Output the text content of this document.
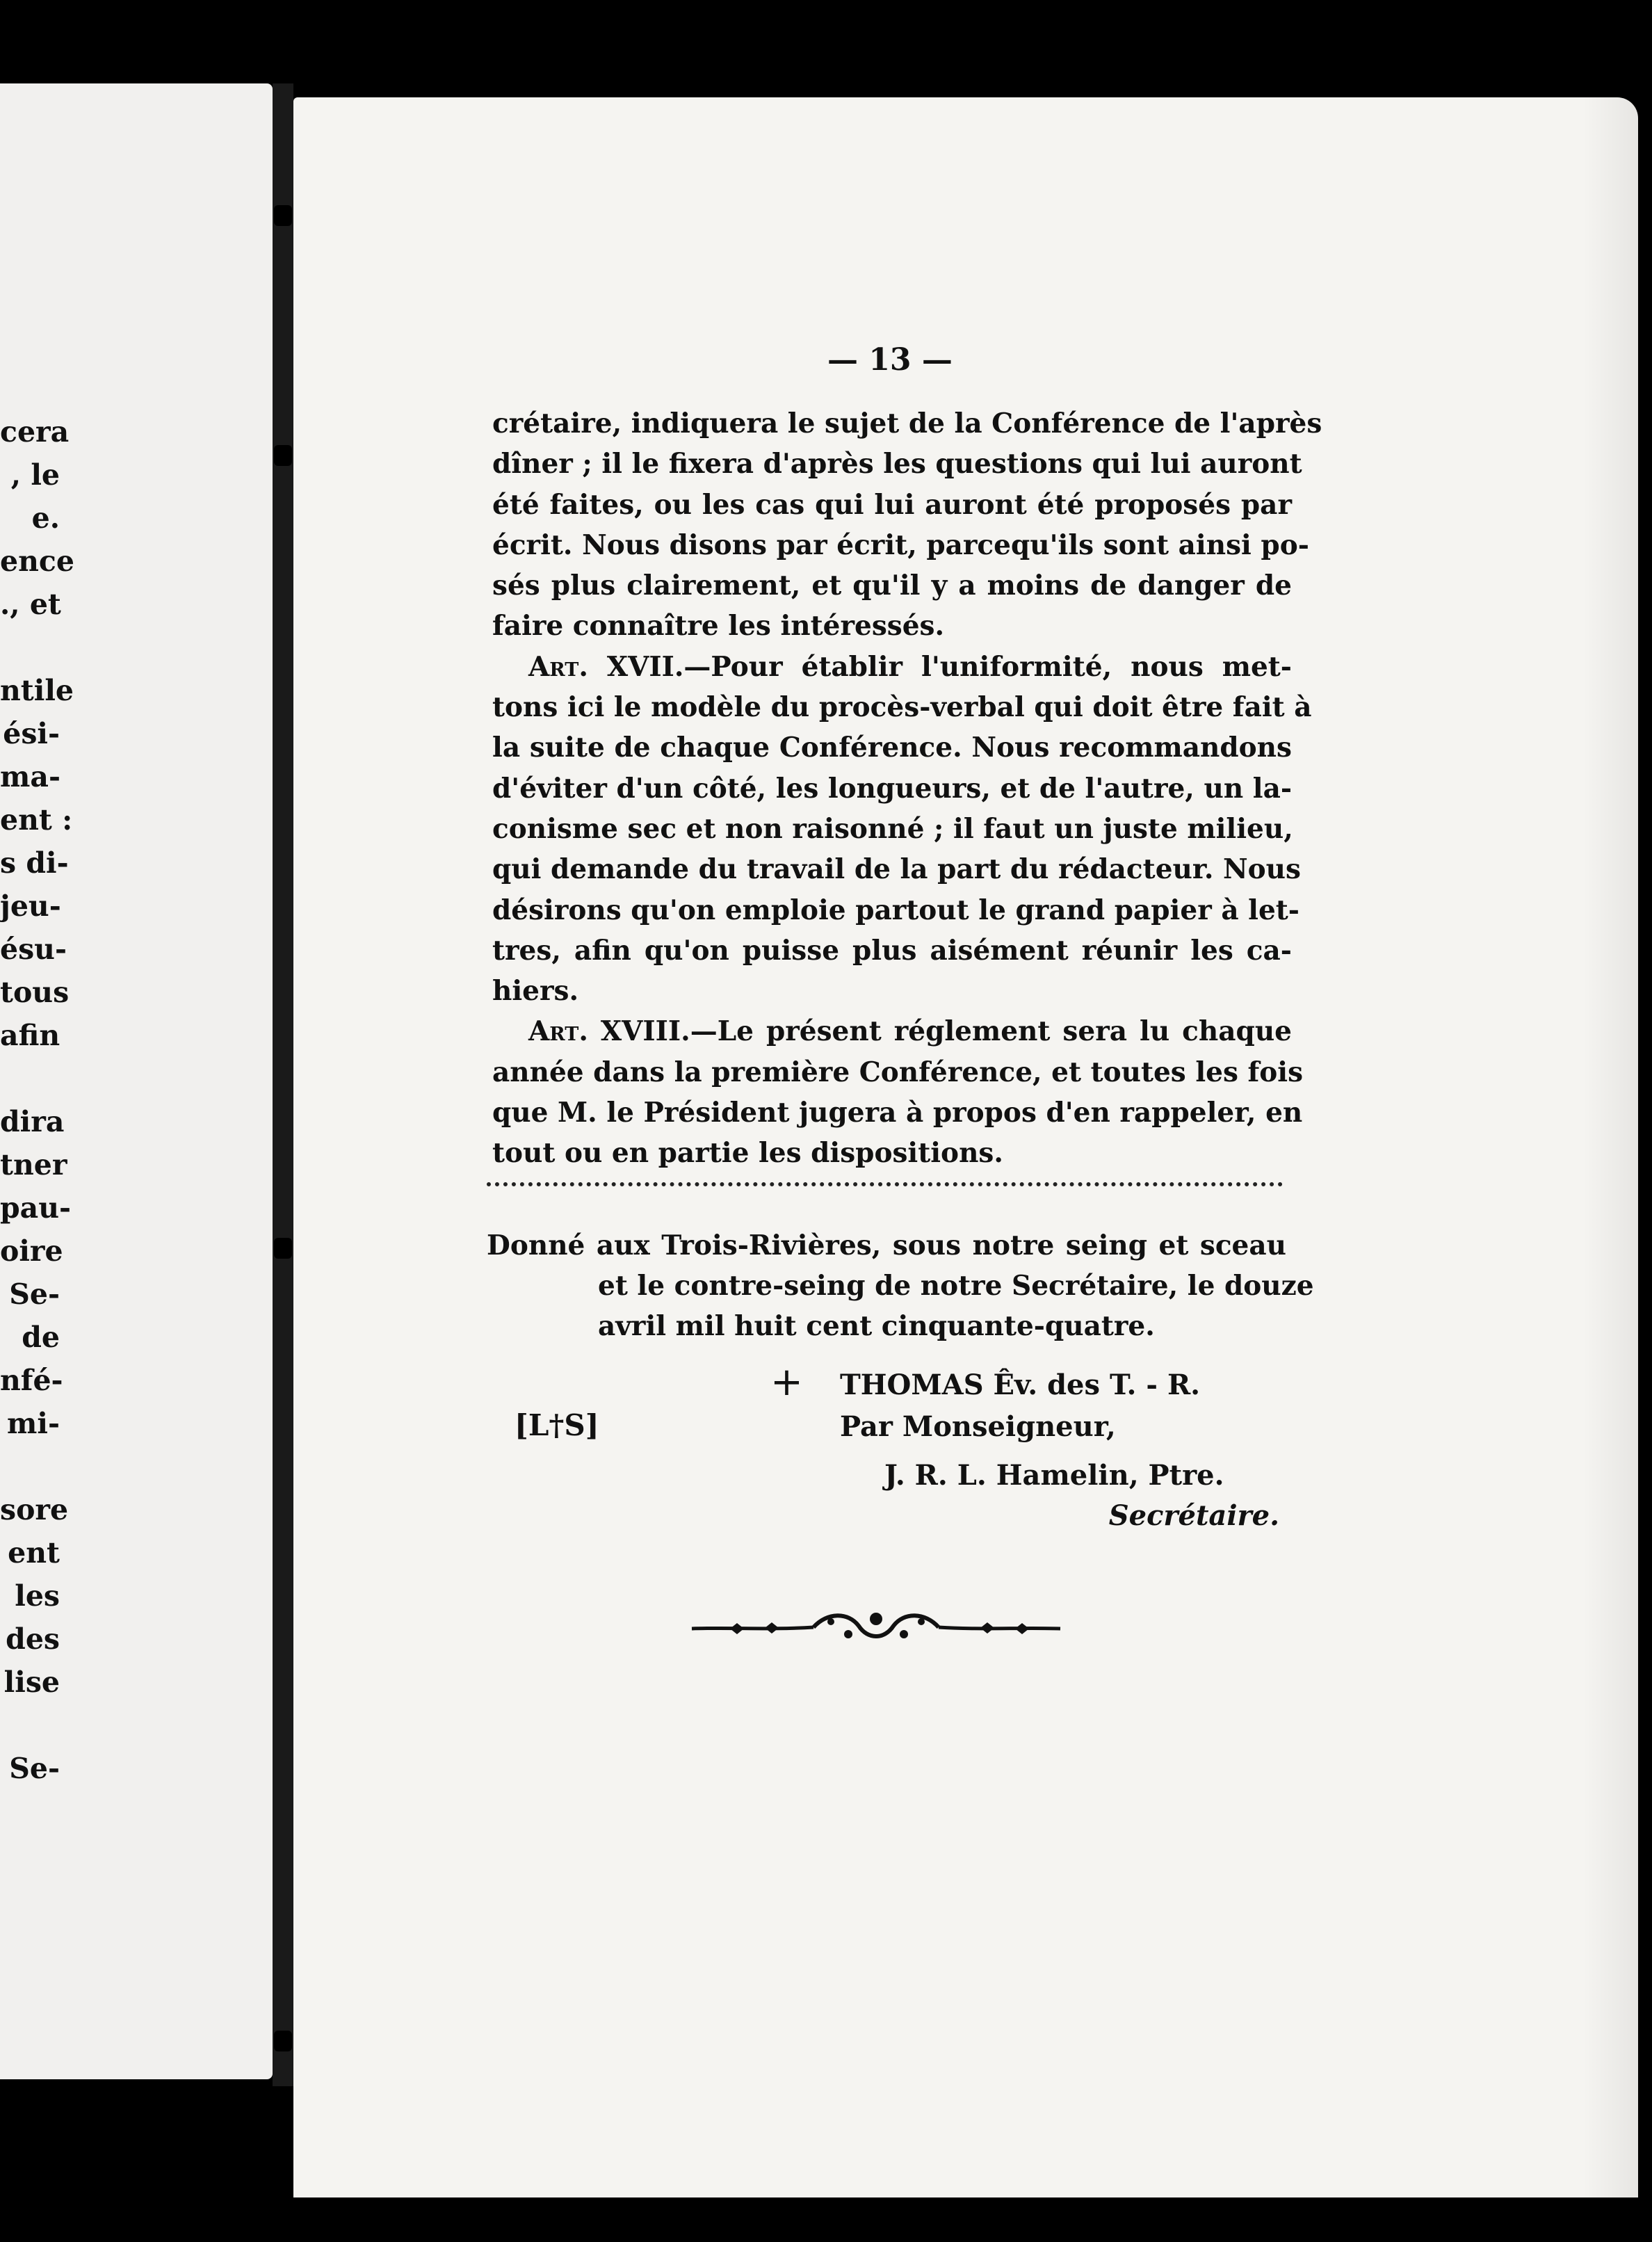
cera
, le
e.
ence
., et

ntile
ési-
ma-
ent :
s di-
jeu-
ésu-
tous
afin

dira
tner
pau-
oire
Se-
de
nfé-
mi-

sore
ent
les
des
lise

Se-
— 13 —
crétaire, indiquera le sujet de la Conférence de l'après
dîner ; il le fixera d'après les questions qui lui auront
été faites, ou les cas qui lui auront été proposés par
écrit. Nous disons par écrit, parcequ'ils sont ainsi po-
sés plus clairement, et qu'il y a moins de danger de
faire connaître les intéressés.
Art. XVII.—Pour établir l'uniformité, nous met-
tons ici le modèle du procès-verbal qui doit être fait à
la suite de chaque Conférence. Nous recommandons
d'éviter d'un côté, les longueurs, et de l'autre, un la-
conisme sec et non raisonné ; il faut un juste milieu,
qui demande du travail de la part du rédacteur. Nous
désirons qu'on emploie partout le grand papier à let-
tres, afin qu'on puisse plus aisément réunir les ca-
hiers.
Art. XVIII.—Le présent réglement sera lu chaque
année dans la première Conférence, et toutes les fois
que M. le Président jugera à propos d'en rappeler, en
tout ou en partie les dispositions.
Donné aux Trois-Rivières, sous notre seing et sceau
et le contre-seing de notre Secrétaire, le douze
avril mil huit cent cinquante-quatre.
+ THOMAS Êv. des T. - R.
[L†S]	Par Monseigneur,
J. R. L. Hamelin, Ptre.
Secrétaire.
